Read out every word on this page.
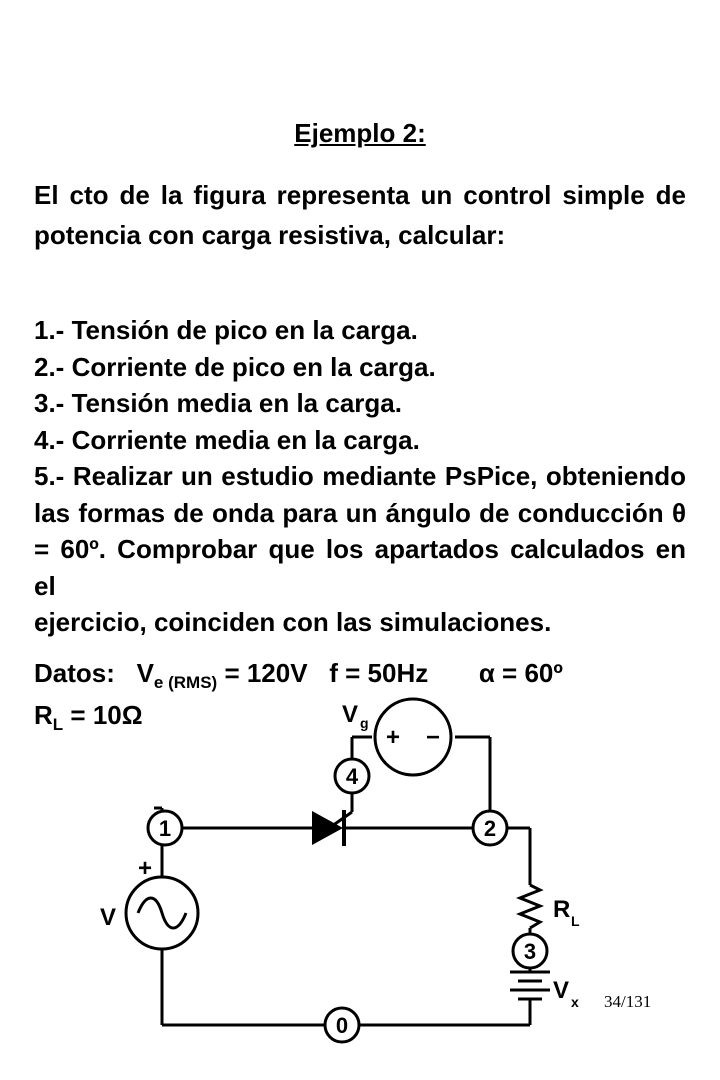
Ejemplo 2:
El cto de la figura representa un control simple de potencia con carga resistiva, calcular:
1.- Tensión de pico en la carga.
2.- Corriente de pico en la carga.
3.- Tensión media en la carga.
4.- Corriente media en la carga.
5.- Realizar un estudio mediante PsPice, obteniendo las formas de onda para un ángulo de conducción θ = 60º. Comprobar que los apartados calculados en el
ejercicio, coinciden con las simulaciones.
Datos: $V_{e (RMS)} = 120V$ f = 50Hz α = 60º
$R_L = 10\Omega$
0
1	2
3
4
V
+
V g
+ −
R L
V x 34/131
